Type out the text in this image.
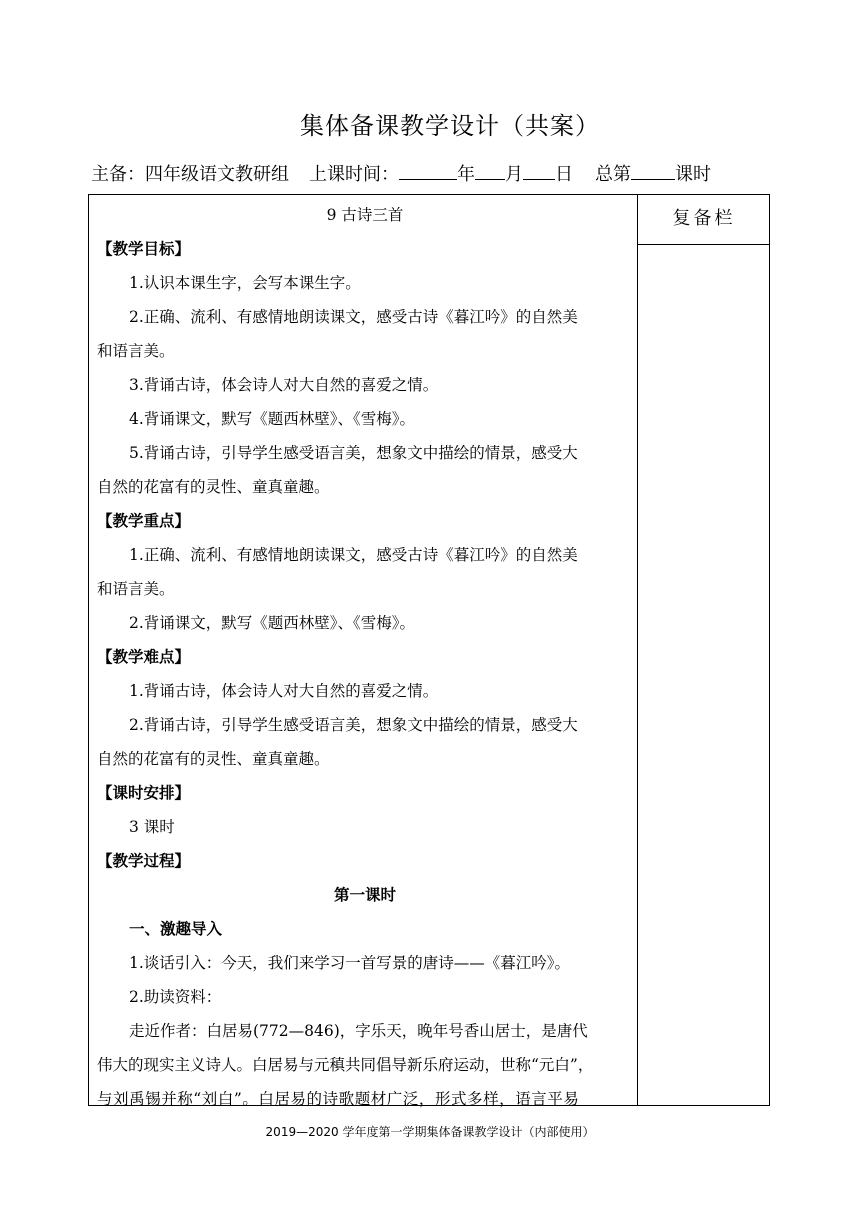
集体备课教学设计（共案）
主备：四年级语文教研组 上课时间：	年 月 日 总第 课时
复备栏
9 古诗三首
【教学目标】
1.认识本课生字，会写本课生字。
2.正确、流利、有感情地朗读课文，感受古诗《暮江吟》的自然美
和语言美。
3.背诵古诗，体会诗人对大自然的喜爱之情。
4.背诵课文，默写《题西林壁》、《雪梅》。
5.背诵古诗，引导学生感受语言美，想象文中描绘的情景，感受大
自然的花富有的灵性、童真童趣。
【教学重点】
1.正确、流利、有感情地朗读课文，感受古诗《暮江吟》的自然美
和语言美。
2.背诵课文，默写《题西林壁》、《雪梅》。
【教学难点】
1.背诵古诗，体会诗人对大自然的喜爱之情。
2.背诵古诗，引导学生感受语言美，想象文中描绘的情景，感受大
自然的花富有的灵性、童真童趣。
【课时安排】
3 课时
【教学过程】
第一课时
一、激趣导入
1.谈话引入：今天，我们来学习一首写景的唐诗——《暮江吟》。
2.助读资料：
走近作者：白居易(772—846)，字乐天，晚年号香山居士，是唐代
伟大的现实主义诗人。白居易与元稹共同倡导新乐府运动，世称“元白”，
与刘禹锡并称“刘白”。白居易的诗歌题材广泛，形式多样，语言平易
2019—2020 学年度第一学期集体备课教学设计（内部使用）
